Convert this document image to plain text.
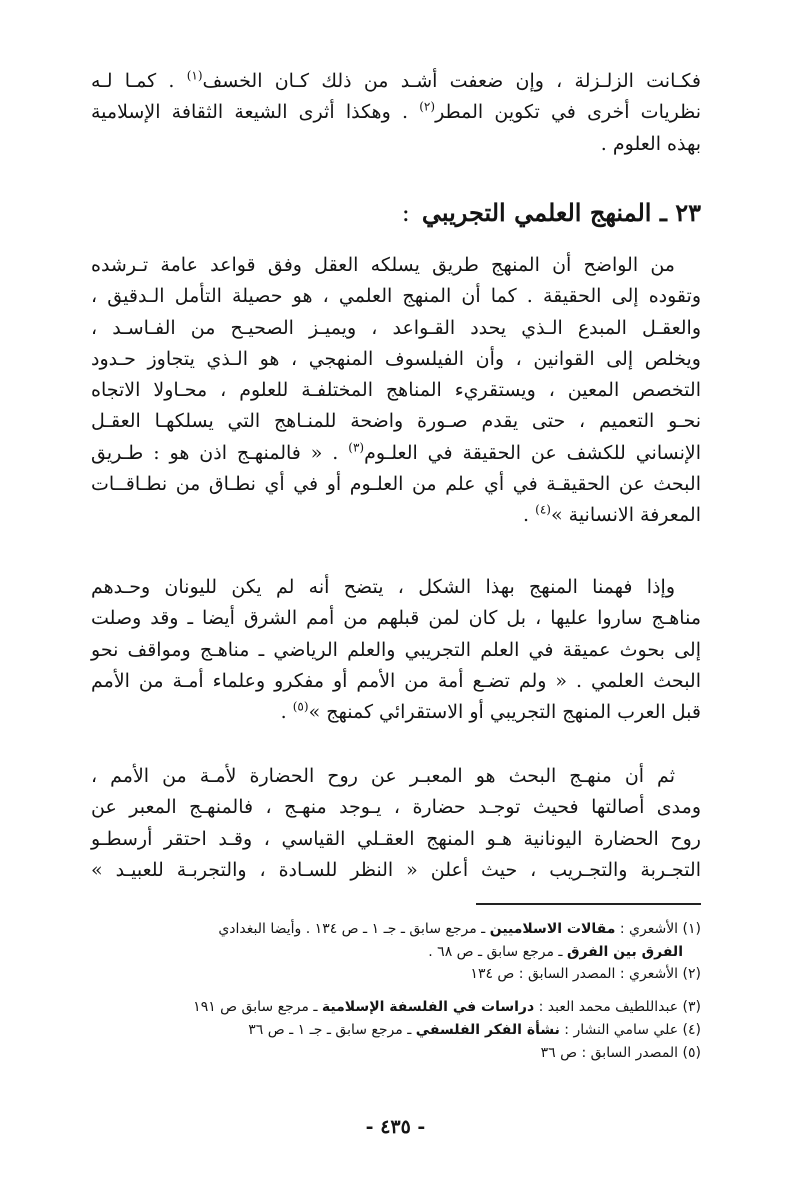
فكـانت الزلـزلة ، وإن ضعفت أشـد من ذلك كـان الخسف$^{(١)}$ . كمـا لـه
نظريات أخرى في تكوين المطر$^{(٢)}$ . وهكذا أثرى الشيعة الثقافة الإسلامية
بهذه العلوم .
٢٣ ـ المنهج العلمي التجريبي:
من الواضح أن المنهج طريق يسلكه العقل وفق قواعد عامة تـرشده
وتقوده إلى الحقيقة . كما أن المنهج العلمي ، هو حصيلة التأمل الـدقيق ،
والعقـل المبدع الـذي يحدد القـواعد ، ويميـز الصحيـح من الفـاسـد ،
ويخلص إلى القوانين ، وأن الفيلسوف المنهجي ، هو الـذي يتجاوز حـدود
التخصص المعين ، ويستقريء المناهج المختلفـة للعلوم ، محـاولا الاتجاه
نحـو التعميم ، حتى يقدم صـورة واضحة للمنـاهج التي يسلكهـا العقـل
الإنساني للكشف عن الحقيقة في العلـوم$^{(٣)}$ . « فالمنهـج اذن هو : طـريق
البحث عن الحقيقـة في أي علم من العلـوم أو في أي نطـاق من نطـاقــات
المعرفة الانسانية »$^{(٤)}$ .
وإذا فهمنا المنهج بهذا الشكل ، يتضح أنه لم يكن لليونان وحـدهم
مناهـج ساروا عليها ، بل كان لمن قبلهم من أمم الشرق أيضا ـ وقد وصلت
إلى بحوث عميقة في العلم التجريبي والعلم الرياضي ـ مناهـج ومواقف نحو
البحث العلمي . « ولم تضـع أمة من الأمم أو مفكرو وعلماء أمـة من الأمم
قبل العرب المنهج التجريبي أو الاستقرائي كمنهج »$^{(٥)}$ .
ثم أن منهـج البحث هو المعبـر عن روح الحضارة لأمـة من الأمم ،
ومدى أصالتها فحيث توجـد حضارة ، يـوجد منهـج ، فالمنهـج المعبر عن
روح الحضارة اليونانية هـو المنهج العقـلي القياسي ، وقـد احتقر أرسطـو
التجـربة والتجـريب ، حيث أعلن « النظر للسـادة ، والتجربـة للعبيـد »
(١) الأشعري : مقالات الاسلاميين ـ مرجع سابق ـ جـ ١ ـ ص ١٣٤ . وأيضا البغدادي
الفرق بين الفرق ـ مرجع سابق ـ ص ٦٨ .
(٢) الأشعري : المصدر السابق : ص ١٣٤
(٣) عبداللطيف محمد العبد : دراسات في الفلسفة الإسلامية ـ مرجع سابق ص ١٩١
(٤) علي سامي النشار : نشأة الفكر الفلسفي ـ مرجع سابق ـ جـ ١ ـ ص ٣٦
(٥) المصدر السابق : ص ٣٦
- ٤٣٥ -
